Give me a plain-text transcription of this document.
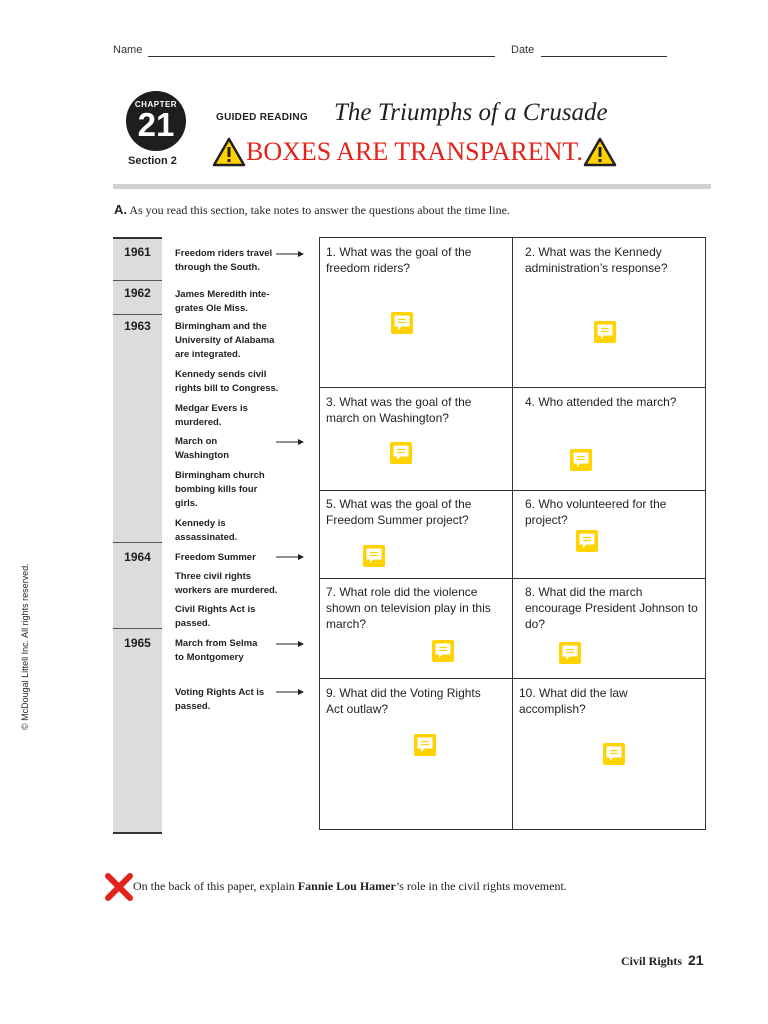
Name	Date
CHAPTER
21
Section 2
GUIDED READING The Triumphs of a Crusade
BOXES ARE TRANSPARENT.
A. As you read this section, take notes to answer the questions about the time line.
1961
1962
1963
1964
1965
Freedom riders travel through the South.
James Meredith inte-grates Ole Miss.
Birmingham and the University of Alabama are integrated.
Kennedy sends civil rights bill to Congress.
Medgar Evers is murdered.
March on Washington
Birmingham church bombing kills four girls.
Kennedy is assassinated.
Freedom Summer
Three civil rights workers are murdered.
Civil Rights Act is passed.
March from Selma to Montgomery
Voting Rights Act is passed.
1. What was the goal of the freedom riders?
2. What was the Kennedy administration’s response?
3. What was the goal of the march on Washington?
4. Who attended the march?
5. What was the goal of the Freedom Summer project?
6. Who volunteered for the project?
7. What role did the violence shown on television play in this march?
8. What did the march encourage President Johnson to do?
9. What did the Voting Rights Act outlaw?
10. What did the law accomplish?
On the back of this paper, explain Fannie Lou Hamer’s role in the civil rights movement.
© McDougal Littell Inc. All rights reserved.
Civil Rights 21
